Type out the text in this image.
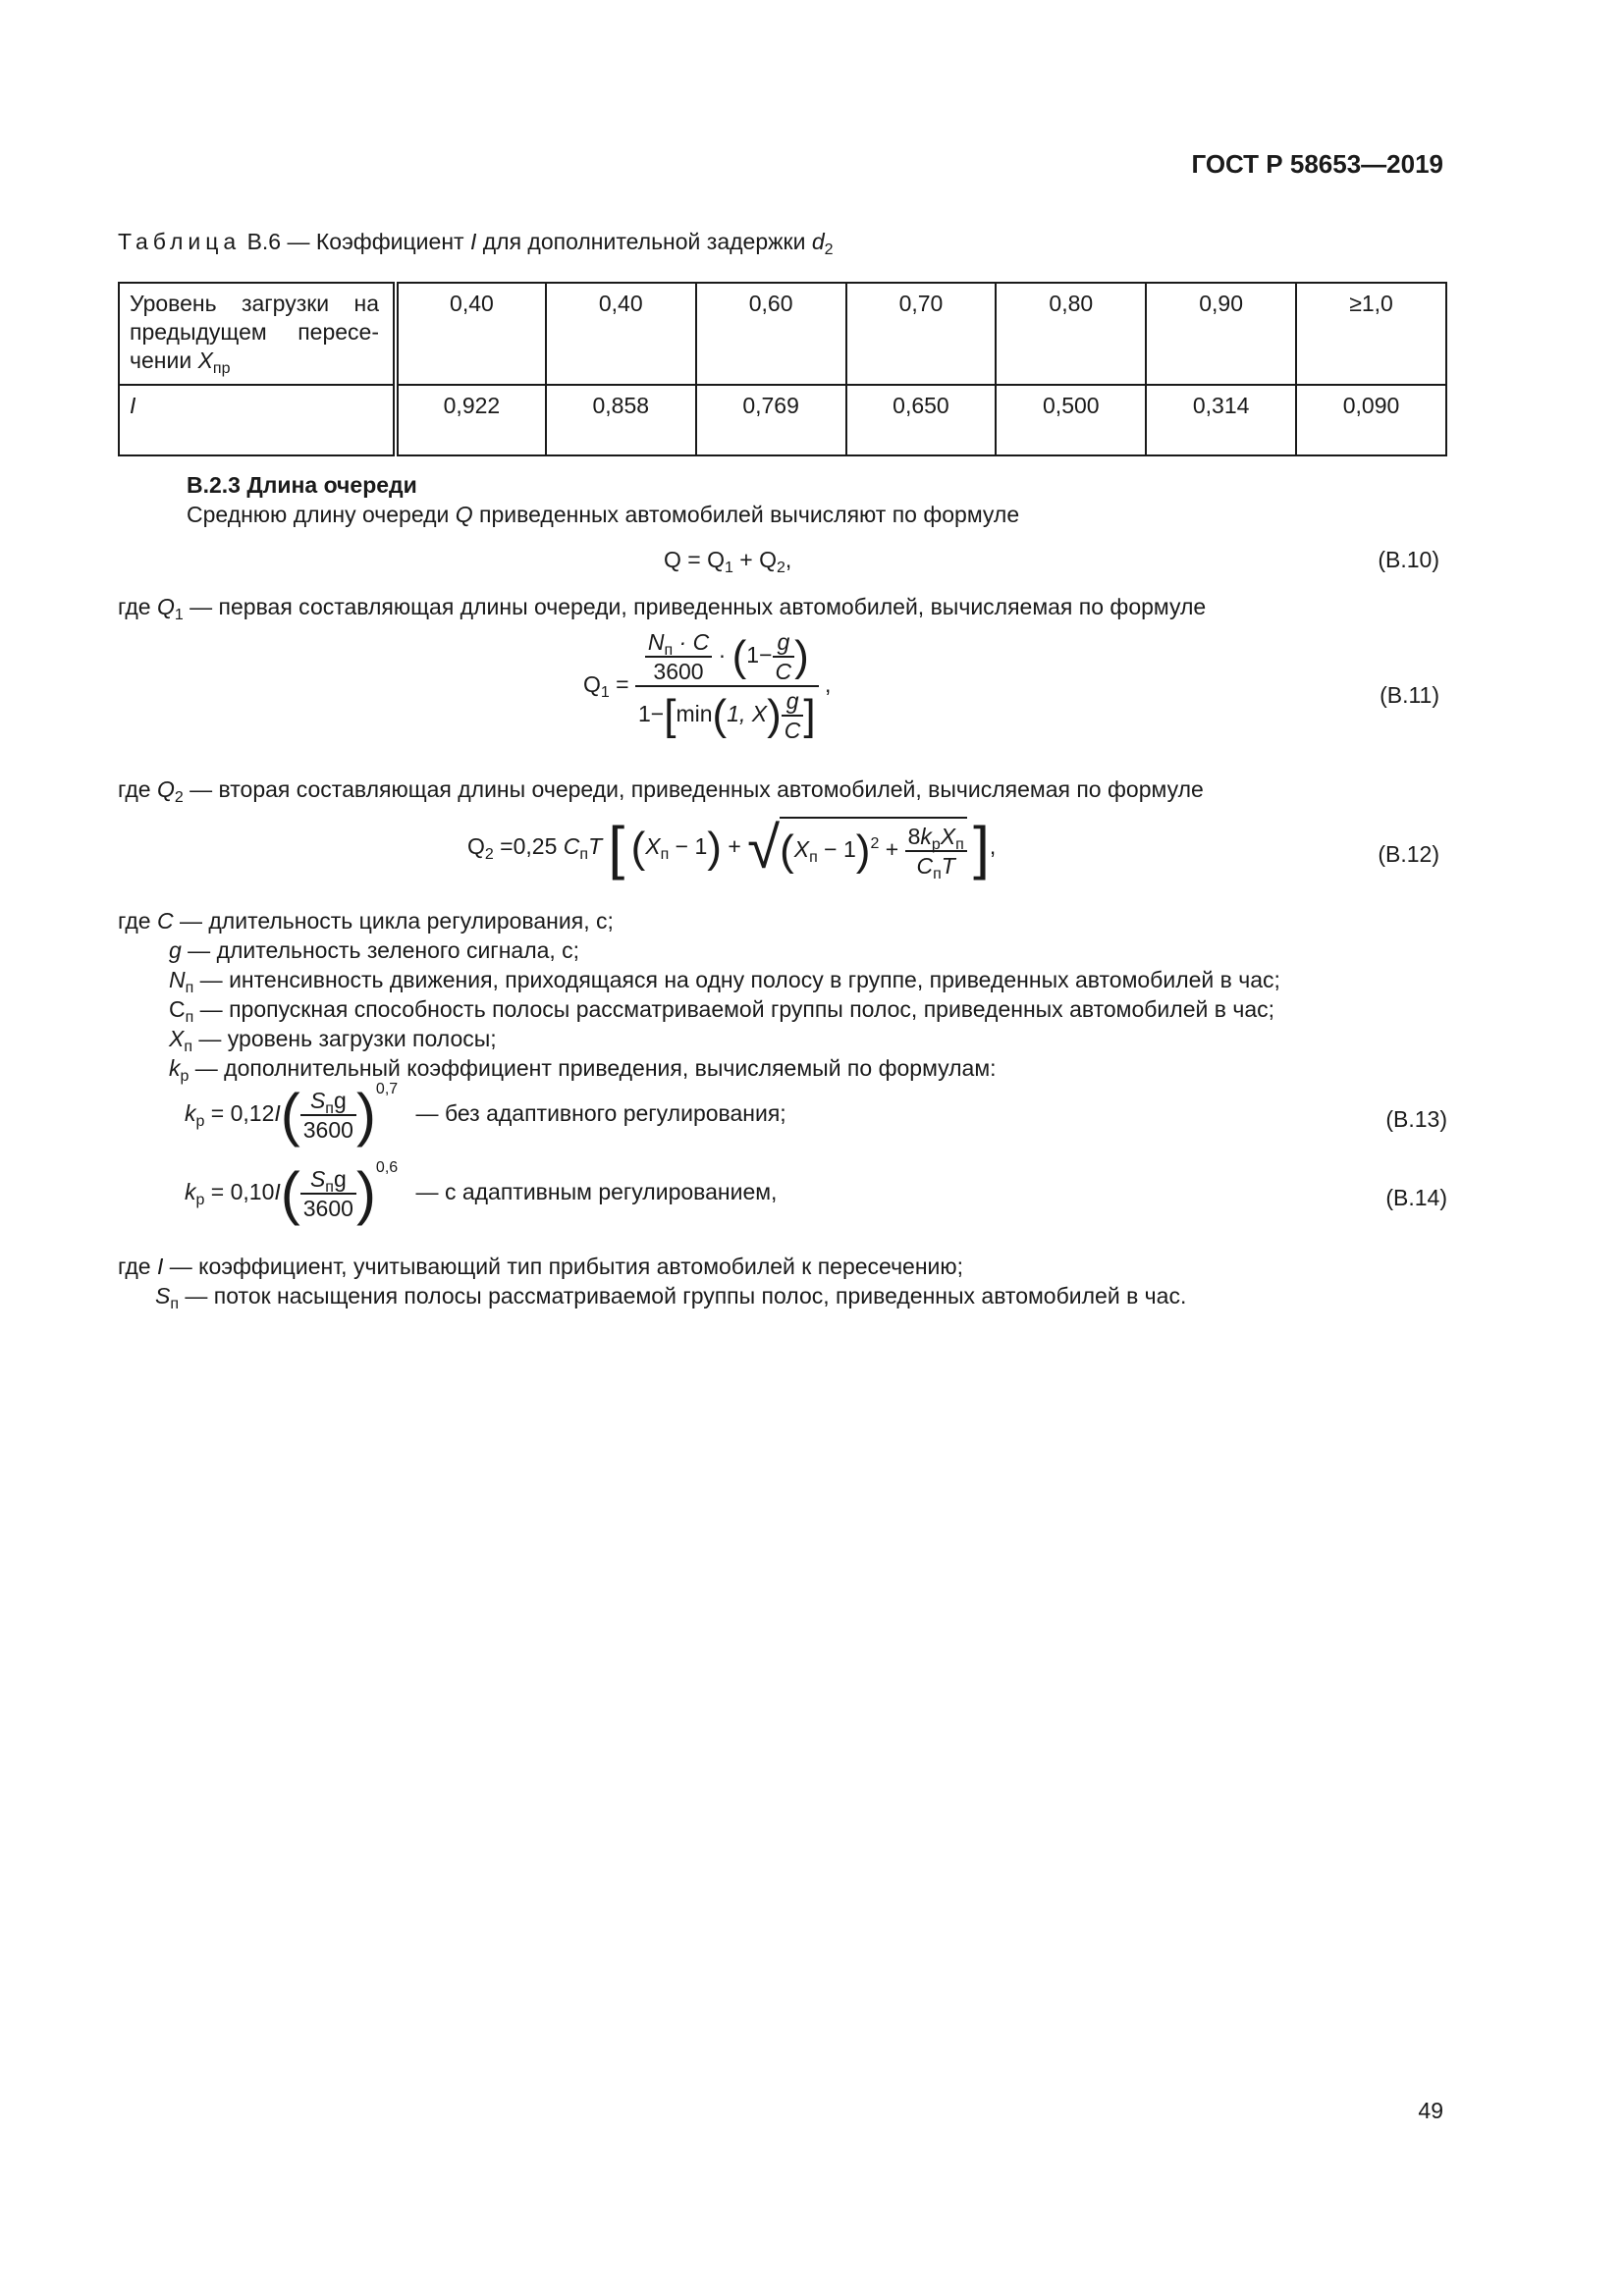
ГОСТ Р 58653—2019
Таблица В.6 — Коэффициент I для дополнительной задержки $d_2$
Уровень загрузки на предыдущем пересе-чении $X_{пр}$	0,40	0,40	0,60	0,70	0,80	0,90	≥1,0
I	0,922	0,858	0,769	0,650	0,500	0,314	0,090
В.2.3 Длина очереди
Среднюю длину очереди Q приведенных автомобилей вычисляют по формуле
$Q = Q_1 + Q_2$,	(В.10)
где $Q_1$ — первая составляющая длины очереди, приведенных автомобилей, вычисляемая по формуле
$Q_1 = \frac{\frac{N_п \cdot C}{3600} \cdot (1- \frac{g}{C} )}{1-[\min(1, X) \frac{g}{C} ]}$ ,	(В.11)
где $Q_2$ — вторая составляющая длины очереди, приведенных автомобилей, вычисляемая по формуле
$Q_2 =0,25$ $C_пT$ [ $(X_п - 1) + √(X_п - 1)^2 + \frac{8k_рX_п}{C_пT}$ ],	(В.12)
где C — длительность цикла регулирования, с;
g — длительность зеленого сигнала, с;
$N_п$ — интенсивность движения, приходящаяся на одну полосу в группе, приведенных автомобилей в час;
$С_п$ — пропускная способность полосы рассматриваемой группы полос, приведенных автомобилей в час;
$X_п$ — уровень загрузки полосы;
$k_р$ — дополнительный коэффициент приведения, вычисляемый по формулам:
$k_p = 0,12I( \frac{S_пg}{3600} )^{0,7}$ — без адаптивного регулирования;	(В.13)
$k_p = 0,10I( \frac{S_пg}{3600} )^{0,6}$ — с адаптивным регулированием,	(В.14)
где I — коэффициент, учитывающий тип прибытия автомобилей к пересечению;
$S_п$ — поток насыщения полосы рассматриваемой группы полос, приведенных автомобилей в час.
49
